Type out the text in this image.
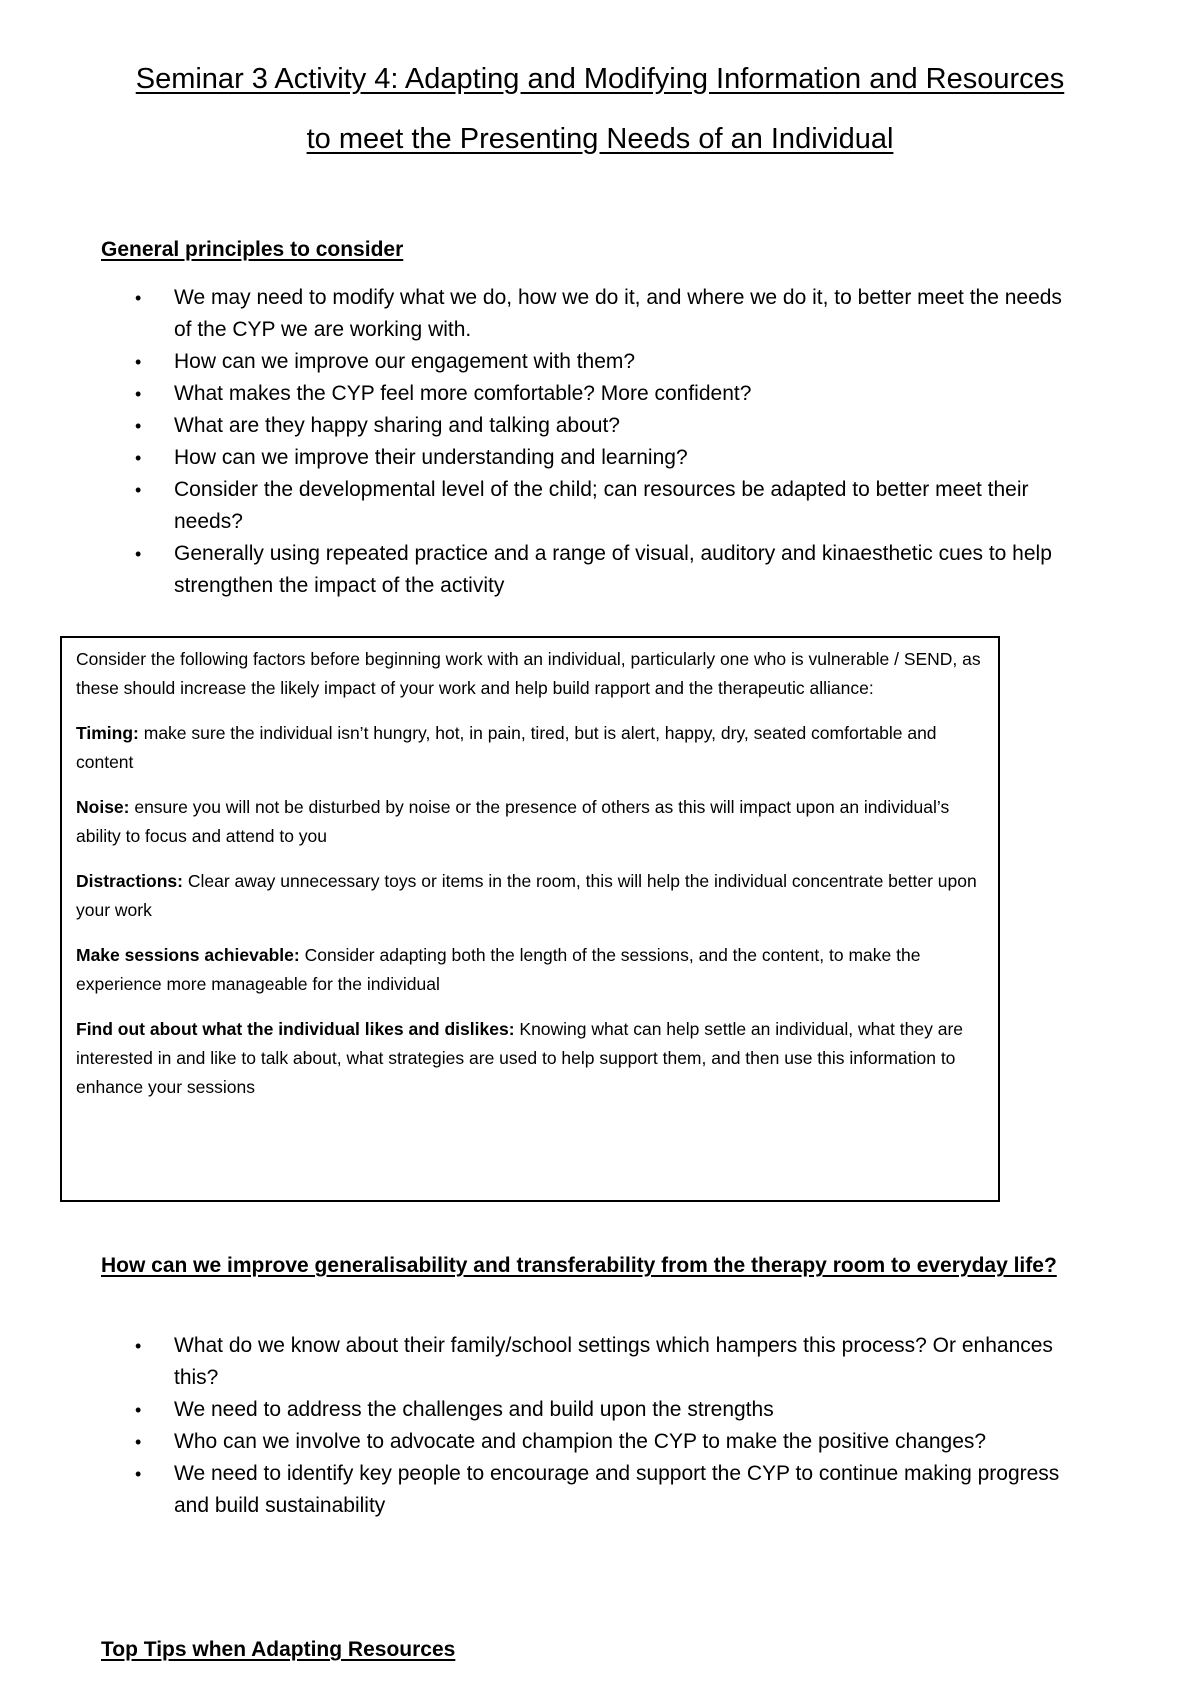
Seminar 3 Activity 4: Adapting and Modifying Information and Resources
to meet the Presenting Needs of an Individual
General principles to consider
• We may need to modify what we do, how we do it, and where we do it, to better meet the needs of the CYP we are working with.
• How can we improve our engagement with them?
• What makes the CYP feel more comfortable? More confident?
• What are they happy sharing and talking about?
• How can we improve their understanding and learning?
• Consider the developmental level of the child; can resources be adapted to better meet their needs?
• Generally using repeated practice and a range of visual, auditory and kinaesthetic cues to help strengthen the impact of the activity

Consider the following factors before beginning work with an individual, particularly one who is vulnerable / SEND, as these should increase the likely impact of your work and help build rapport and the therapeutic alliance:

Timing: make sure the individual isn’t hungry, hot, in pain, tired, but is alert, happy, dry, seated comfortable and content

Noise: ensure you will not be disturbed by noise or the presence of others as this will impact upon an individual’s ability to focus and attend to you

Distractions: Clear away unnecessary toys or items in the room, this will help the individual concentrate better upon your work

Make sessions achievable: Consider adapting both the length of the sessions, and the content, to make the experience more manageable for the individual

Find out about what the individual likes and dislikes: Knowing what can help settle an individual, what they are interested in and like to talk about, what strategies are used to help support them, and then use this information to enhance your sessions

How can we improve generalisability and transferability from the therapy room to everyday life?
• What do we know about their family/school settings which hampers this process? Or enhances this?
• We need to address the challenges and build upon the strengths
• Who can we involve to advocate and champion the CYP to make the positive changes?
• We need to identify key people to encourage and support the CYP to continue making progress and build sustainability
Top Tips when Adapting Resources
